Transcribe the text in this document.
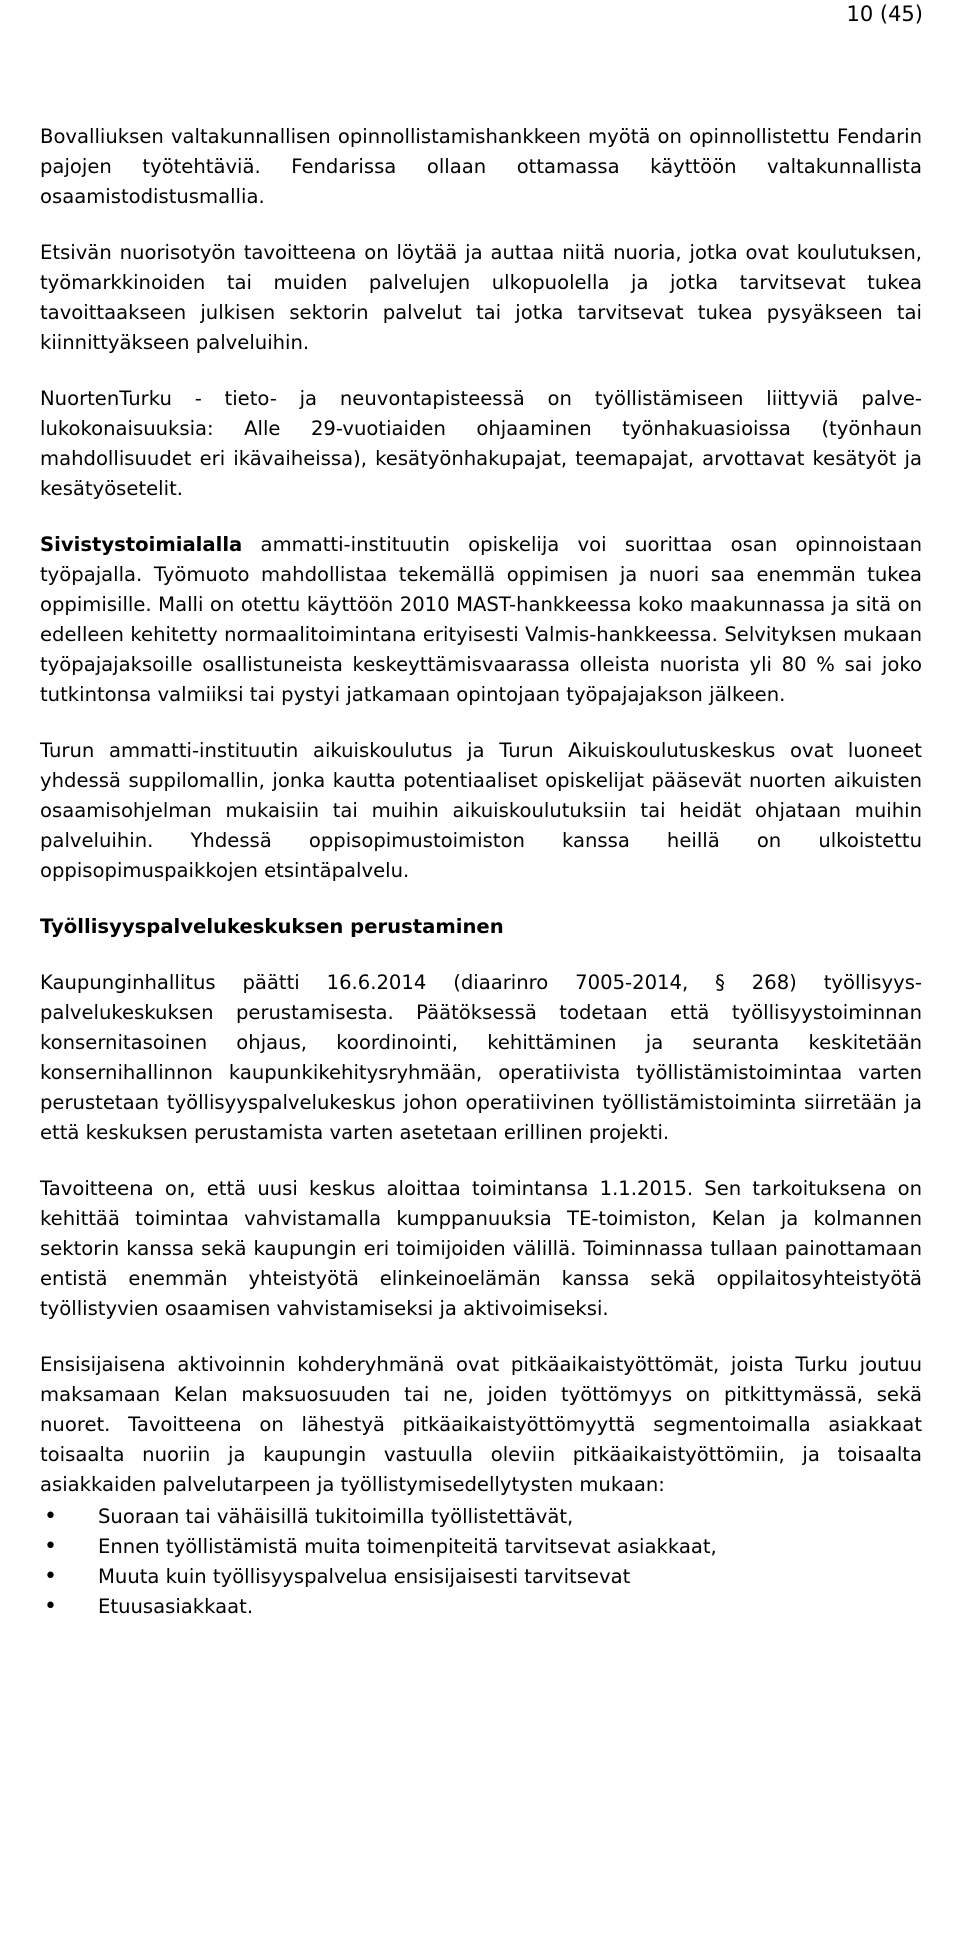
10 (45)

Bovalliuksen valtakunnallisen opinnollistamishankkeen myötä on opinnollistettu Fendarin pajojen työtehtäviä. Fendarissa ollaan ottamassa käyttöön valtakunnallista osaamistodistusmallia.

Etsivän nuorisotyön tavoitteena on löytää ja auttaa niitä nuoria, jotka ovat koulutuksen, työmarkkinoiden tai muiden palvelujen ulkopuolella ja jotka tarvitsevat tukea tavoittaakseen julkisen sektorin palvelut tai jotka tarvitsevat tukea pysyäkseen tai kiinnittyäkseen palveluihin.

NuortenTurku - tieto- ja neuvontapisteessä on työllistämiseen liittyviä palvelukokonaisuuksia: Alle 29-vuotiaiden ohjaaminen työnhakuasioissa (työnhaun mahdollisuudet eri ikävaiheissa), kesätyönhakupajat, teemapajat, arvottavat kesätyöt ja kesätyösetelit.

Sivistystoimialalla ammatti-instituutin opiskelija voi suorittaa osan opinnoistaan työpajalla. Työmuoto mahdollistaa tekemällä oppimisen ja nuori saa enemmän tukea oppimisille. Malli on otettu käyttöön 2010 MAST-hankkeessa koko maakunnassa ja sitä on edelleen kehitetty normaalitoimintana erityisesti Valmis-hankkeessa. Selvityksen mukaan työpajajaksoille osallistuneista keskeyttämisvaarassa olleista nuorista yli 80 % sai joko tutkintonsa valmiiksi tai pystyi jatkamaan opintojaan työpajajakson jälkeen.

Turun ammatti-instituutin aikuiskoulutus ja Turun Aikuiskoulutuskeskus ovat luoneet yhdessä suppilomallin, jonka kautta potentiaaliset opiskelijat pääsevät nuorten aikuisten osaamisohjelman mukaisiin tai muihin aikuiskoulutuksiin tai heidät ohjataan muihin palveluihin. Yhdessä oppisopimustoimiston kanssa heillä on ulkoistettu oppisopimuspaikkojen etsintäpalvelu.

Työllisyyspalvelukeskuksen perustaminen

Kaupunginhallitus päätti 16.6.2014 (diaarinro 7005-2014, § 268) työllisyyspalvelukeskuksen perustamisesta. Päätöksessä todetaan että työllisyystoiminnan konsernitasoinen ohjaus, koordinointi, kehittäminen ja seuranta keskitetään konsernihallinnon kaupunkikehitysryhmään, operatiivista työllistämistoimintaa varten perustetaan työllisyyspalvelukeskus johon operatiivinen työllistämistoiminta siirretään ja että keskuksen perustamista varten asetetaan erillinen projekti.

Tavoitteena on, että uusi keskus aloittaa toimintansa 1.1.2015. Sen tarkoituksena on kehittää toimintaa vahvistamalla kumppanuuksia TE-toimiston, Kelan ja kolmannen sektorin kanssa sekä kaupungin eri toimijoiden välillä. Toiminnassa tullaan painottamaan entistä enemmän yhteistyötä elinkeinoelämän kanssa sekä oppilaitosyhteistyötä työllistyvien osaamisen vahvistamiseksi ja aktivoimiseksi.

Ensisijaisena aktivoinnin kohderyhmänä ovat pitkäaikaistyöttömät, joista Turku joutuu maksamaan Kelan maksuosuuden tai ne, joiden työttömyys on pitkittymässä, sekä nuoret. Tavoitteena on lähestyä pitkäaikaistyöttömyyttä segmentoimalla asiakkaat toisaalta nuoriin ja kaupungin vastuulla oleviin pitkäaikaistyöttömiin, ja toisaalta asiakkaiden palvelutarpeen ja työllistymisedellytysten mukaan:

• Suoraan tai vähäisillä tukitoimilla työllistettävät,
• Ennen työllistämistä muita toimenpiteitä tarvitsevat asiakkaat,
• Muuta kuin työllisyyspalvelua ensisijaisesti tarvitsevat
• Etuusasiakkaat.
